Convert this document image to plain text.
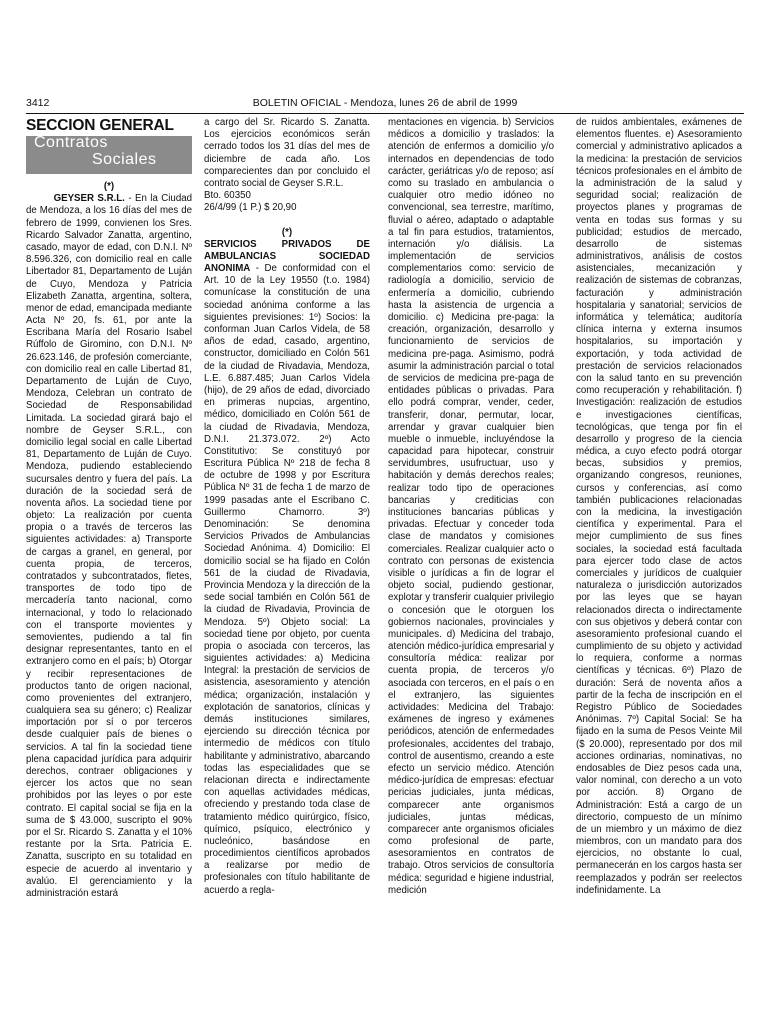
3412	BOLETIN OFICIAL - Mendoza, lunes 26 de abril de 1999
SECCION GENERAL
Contratos
Sociales

(*)

GEYSER S.R.L. - En la Ciudad de Mendoza, a los 16 días del mes de febrero de 1999, convienen los Sres. Ricardo Salvador Zanatta, argentino, casado, mayor de edad, con D.N.I. Nº 8.596.326, con domicilio real en calle Libertador 81, Departamento de Luján de Cuyo, Mendoza y Patricia Elizabeth Zanatta, argentina, soltera, menor de edad, emancipada mediante Acta Nº 20, fs. 61, por ante la Escribana María del Rosario Isabel Rúffolo de Giromino, con D.N.I. Nº 26.623.146, de profesión comerciante, con domicilio real en calle Libertad 81, Departamento de Luján de Cuyo, Mendoza, Celebran un contrato de Sociedad de Responsabilidad Limitada. La sociedad girará bajo el nombre de Geyser S.R.L., con domicilio legal social en calle Libertad 81, Departamento de Luján de Cuyo. Mendoza, pudiendo estableciendo sucursales dentro y fuera del país. La duración de la sociedad será de noventa años. La sociedad tiene por objeto: La realización por cuenta propia o a través de terceros las siguientes actividades: a) Transporte de cargas a granel, en general, por cuenta propia, de terceros, contratados y subcontratados, fletes, transportes de todo tipo de mercadería tanto nacional, como internacional, y todo lo relacionado con el transporte movientes y semovientes, pudiendo a tal fin designar representantes, tanto en el extranjero como en el país; b) Otorgar y recibir representaciones de productos tanto de origen nacional, como provenientes del extranjero, cualquiera sea su género; c) Realizar importación por sí o por terceros desde cualquier país de bienes o servicios. A tal fin la sociedad tiene plena capacidad jurídica para adquirir derechos, contraer obligaciones y ejercer los actos que no sean prohibidos por las leyes o por este contrato. El capital social se fija en la suma de $ 43.000, suscripto el 90% por el Sr. Ricardo S. Zanatta y el 10% restante por la Srta. Patricia E. Zanatta, suscripto en su totalidad en especie de acuerdo al inventario y avalúo. El gerenciamiento y la administración estará

a cargo del Sr. Ricardo S. Zanatta. Los ejercicios económicos serán cerrado todos los 31 días del mes de diciembre de cada año. Los comparecientes dan por concluido el contrato social de Geyser S.R.L.

Bto. 60350

26/4/99 (1 P.) $ 20,90

(*)

SERVICIOS PRIVADOS DE AMBULANCIAS SOCIEDAD ANONIMA - De conformidad con el Art. 10 de la Ley 19550 (t.o. 1984) comunícase la constitución de una sociedad anónima conforme a las siguientes previsiones: 1º) Socios: la conforman Juan Carlos Videla, de 58 años de edad, casado, argentino, constructor, domiciliado en Colón 561 de la ciudad de Rivadavia, Mendoza, L.E. 6.887.485; Juan Carlos Videla (hijo), de 29 años de edad, divorciado en primeras nupcias, argentino, médico, domiciliado en Colón 561 de la ciudad de Rivadavia, Mendoza, D.N.I. 21.373.072. 2º) Acto Constitutivo: Se constituyó por Escritura Pública Nº 218 de fecha 8 de octubre de 1998 y por Escritura Pública Nº 31 de fecha 1 de marzo de 1999 pasadas ante el Escribano C. Guillermo Chamorro. 3º) Denominación: Se denomina Servicios Privados de Ambulancias Sociedad Anónima. 4) Domicilio: El domicilio social se ha fijado en Colón 561 de la ciudad de Rivadavia, Provincia Mendoza y la dirección de la sede social también en Colón 561 de la ciudad de Rivadavia, Provincia de Mendoza. 5º) Objeto social: La sociedad tiene por objeto, por cuenta propia o asociada con terceros, las siguientes actividades: a) Medicina Integral: la prestación de servicios de asistencia, asesoramiento y atención médica; organización, instalación y explotación de sanatorios, clínicas y demás instituciones similares, ejerciendo su dirección técnica por intermedio de médicos con título habilitante y administrativo, abarcando todas las especialidades que se relacionan directa e indirectamente con aquellas actividades médicas, ofreciendo y prestando toda clase de tratamiento médico quirúrgico, físico, químico, psíquico, electrónico y nucleónico, basándose en procedimientos científicos aprobados a realizarse por medio de profesionales con título habilitante de acuerdo a regla-

mentaciones en vigencia. b) Servicios médicos a domicilio y traslados: la atención de enfermos a domicilio y/o internados en dependencias de todo carácter, geriátricas y/o de reposo; así como su traslado en ambulancia o cualquier otro medio idóneo no convencional, sea terrestre, marítimo, fluvial o aéreo, adaptado o adaptable a tal fin para estudios, tratamientos, internación y/o diálisis. La implementación de servicios complementarios como: servicio de radiología a domicilio, servicio de enfermería a domicilio, cubriendo hasta la asistencia de urgencia a domicilio. c) Medicina pre-paga: la creación, organización, desarrollo y funcionamiento de servicios de medicina pre-paga. Asimismo, podrá asumir la administración parcial o total de servicios de medicina pre-paga de entidades públicas o privadas. Para ello podrá comprar, vender, ceder, transferir, donar, permutar, locar, arrendar y gravar cualquier bien mueble o inmueble, incluyéndose la capacidad para hipotecar, construir servidumbres, usufructuar, uso y habitación y demás derechos reales; realizar todo tipo de operaciones bancarias y crediticias con instituciones bancarias públicas y privadas. Efectuar y conceder toda clase de mandatos y comisiones comerciales. Realizar cualquier acto o contrato con personas de existencia visible o jurídicas a fin de lograr el objeto social, pudiendo gestionar, explotar y transferir cualquier privilegio o concesión que le otorguen los gobiernos nacionales, provinciales y municipales. d) Medicina del trabajo, atención médico-jurídica empresarial y consultoría médica: realizar por cuenta propia, de terceros y/o asociada con terceros, en el país o en el extranjero, las siguientes actividades: Medicina del Trabajo: exámenes de ingreso y exámenes periódicos, atención de enfermedades profesionales, accidentes del trabajo, control de ausentismo, creando a este efecto un servicio médico. Atención médico-jurídica de empresas: efectuar pericias judiciales, junta médicas, comparecer ante organismos judiciales, juntas médicas, comparecer ante organismos oficiales como profesional de parte, asesoramientos en contratos de trabajo. Otros servicios de consultoría médica: seguridad e higiene industrial, medición

de ruidos ambientales, exámenes de elementos fluentes. e) Asesoramiento comercial y administrativo aplicados a la medicina: la prestación de servicios técnicos profesionales en el ámbito de la administración de la salud y seguridad social; realización de proyectos planes y programas de venta en todas sus formas y su publicidad; estudios de mercado, desarrollo de sistemas administrativos, análisis de costos asistenciales, mecanización y realización de sistemas de cobranzas, facturación y administración hospitalaria y sanatorial; servicios de informática y telemática; auditoría clínica interna y externa insumos hospitalarios, su importación y exportación, y toda actividad de prestación de servicios relacionados con la salud tanto en su prevención como recuperación y rehabilitación. f) Investigación: realización de estudios e investigaciones científicas, tecnológicas, que tenga por fin el desarrollo y progreso de la ciencia médica, a cuyo efecto podrá otorgar becas, subsidios y premios, organizando congresos, reuniones, cursos y conferencias, así como también publicaciones relacionadas con la medicina, la investigación científica y experimental. Para el mejor cumplimiento de sus fines sociales, la sociedad está facultada para ejercer todo clase de actos comerciales y jurídicos de cualquier naturaleza o jurisdicción autorizados por las leyes que se hayan relacionados directa o indirectamente con sus objetivos y deberá contar con asesoramiento profesional cuando el cumplimiento de su objeto y actividad lo requiera, conforme a normas científicas y técnicas. 6º) Plazo de duración: Será de noventa años a partir de la fecha de inscripción en el Registro Público de Sociedades Anónimas. 7º) Capital Social: Se ha fijado en la suma de Pesos Veinte Mil ($ 20.000), representado por dos mil acciones ordinarias, nominativas, no endosables de Diez pesos cada una, valor nominal, con derecho a un voto por acción. 8) Organo de Administración: Está a cargo de un directorio, compuesto de un mínimo de un miembro y un máximo de diez miembros, con un mandato para dos ejercicios, no obstante lo cual, permanecerán en los cargos hasta ser reemplazados y podrán ser reelectos indefinidamente. La
